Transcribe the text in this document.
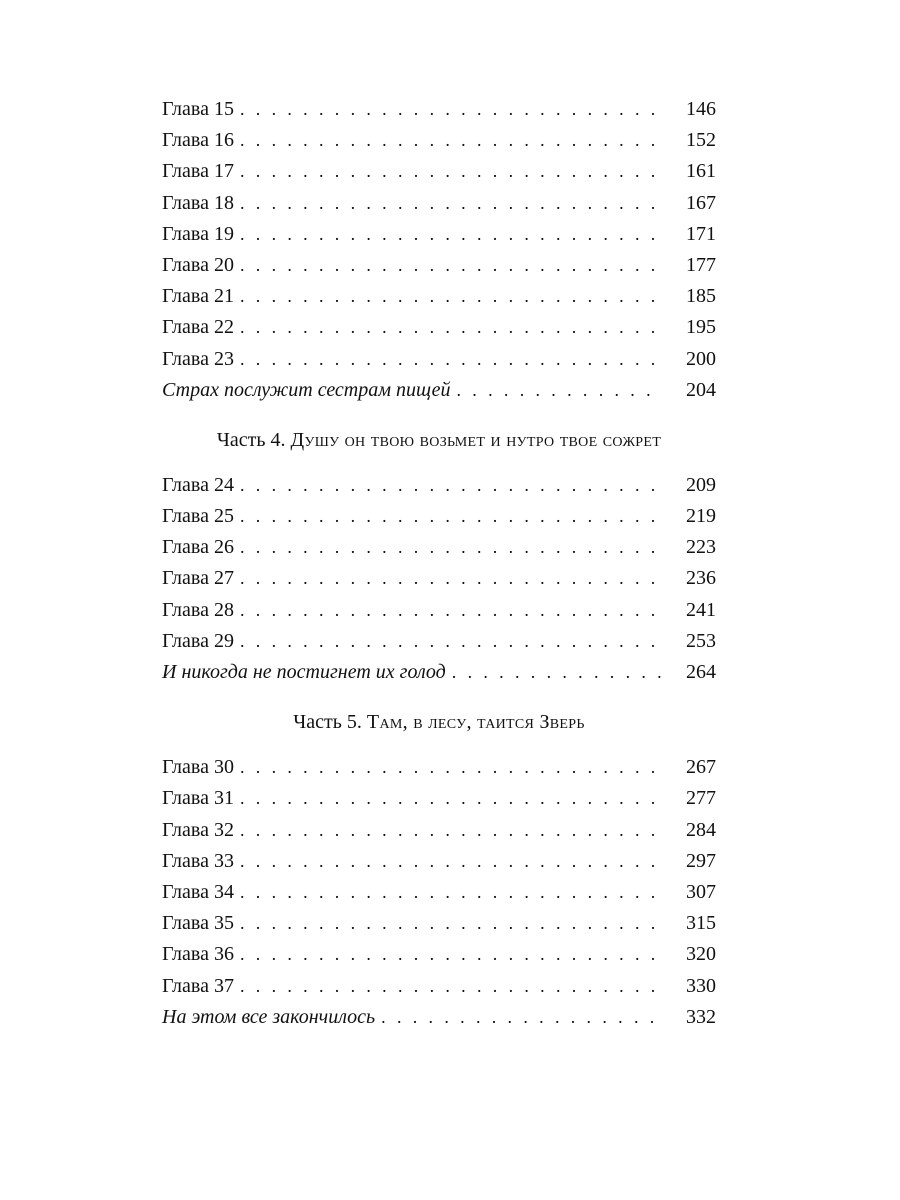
Глава 15 . . .	146
Глава 16 . . .	152
Глава 17 . . .	161
Глава 18 . . .	167
Глава 19 . . .	171
Глава 20 . . .	177
Глава 21 . . .	185
Глава 22 . . .	195
Глава 23 . . .	200
Страх послужит сестрам пищей . . .	204
Часть 4. Душу он твою возьмет и нутро твое сожрет
Глава 24 . . .	209
Глава 25 . . .	219
Глава 26 . . .	223
Глава 27 . . .	236
Глава 28 . . .	241
Глава 29 . . .	253
И никогда не постигнет их голод . . .	264
Часть 5. Там, в лесу, таится Зверь
Глава 30 . . .	267
Глава 31 . . .	277
Глава 32 . . .	284
Глава 33 . . .	297
Глава 34 . . .	307
Глава 35 . . .	315
Глава 36 . . .	320
Глава 37 . . .	330
На этом все закончилось . . .	332
